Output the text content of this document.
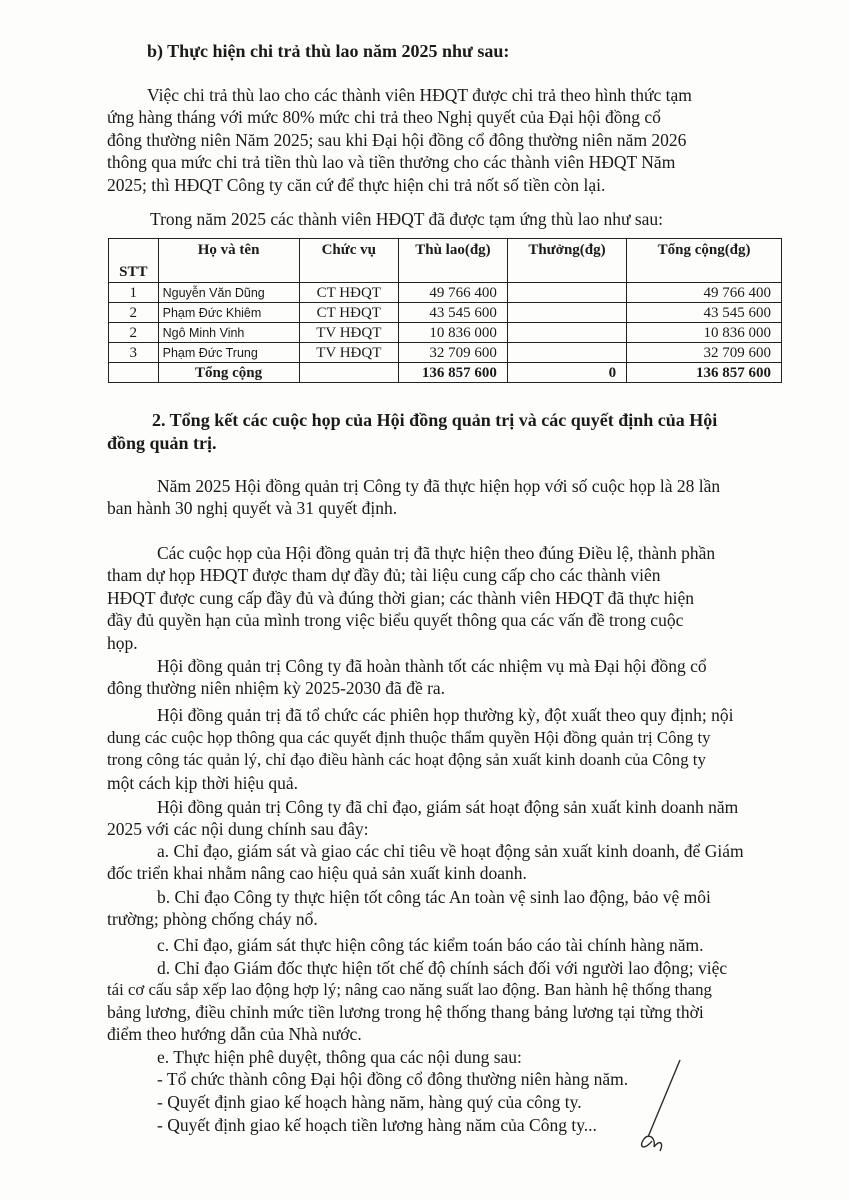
b) Thực hiện chi trả thù lao năm 2025 như sau:
Việc chi trả thù lao cho các thành viên HĐQT được chi trả theo hình thức tạm
ứng hàng tháng với mức 80% mức chi trả theo Nghị quyết của Đại hội đồng cổ
đông thường niên Năm 2025; sau khi Đại hội đồng cổ đông thường niên năm 2026
thông qua mức chi trả tiền thù lao và tiền thưởng cho các thành viên HĐQT Năm
2025; thì HĐQT Công ty căn cứ để thực hiện chi trả nốt số tiền còn lại.
Trong năm 2025 các thành viên HĐQT đã được tạm ứng thù lao như sau:
STT	Họ và tên	Chức vụ	Thù lao(đg)	Thưởng(đg)	Tổng cộng(đg)
1	Nguyễn Văn Dũng	CT HĐQT	49 766 400		49 766 400
2	Phạm Đức Khiêm	CT HĐQT	43 545 600		43 545 600
2	Ngô Minh Vinh	TV HĐQT	10 836 000		10 836 000
3	Phạm Đức Trung	TV HĐQT	32 709 600		32 709 600
	Tổng cộng		136 857 600	0	136 857 600
2. Tổng kết các cuộc họp của Hội đồng quản trị và các quyết định của Hội
đồng quản trị.
Năm 2025 Hội đồng quản trị Công ty đã thực hiện họp với số cuộc họp là 28 lần
ban hành 30 nghị quyết và 31 quyết định.
Các cuộc họp của Hội đồng quản trị đã thực hiện theo đúng Điều lệ, thành phần
tham dự họp HĐQT được tham dự đầy đủ; tài liệu cung cấp cho các thành viên
HĐQT được cung cấp đầy đủ và đúng thời gian; các thành viên HĐQT đã thực hiện
đầy đủ quyền hạn của mình trong việc biểu quyết thông qua các vấn đề trong cuộc
họp.
Hội đồng quản trị Công ty đã hoàn thành tốt các nhiệm vụ mà Đại hội đồng cổ
đông thường niên nhiệm kỳ 2025-2030 đã đề ra.
Hội đồng quản trị đã tổ chức các phiên họp thường kỳ, đột xuất theo quy định; nội
dung các cuộc họp thông qua các quyết định thuộc thẩm quyền Hội đồng quản trị Công ty
trong công tác quản lý, chỉ đạo điều hành các hoạt động sản xuất kinh doanh của Công ty
một cách kịp thời hiệu quả.
Hội đồng quản trị Công ty đã chỉ đạo, giám sát hoạt động sản xuất kinh doanh năm
2025 với các nội dung chính sau đây:
a. Chỉ đạo, giám sát và giao các chỉ tiêu về hoạt động sản xuất kinh doanh, để Giám
đốc triển khai nhằm nâng cao hiệu quả sản xuất kinh doanh.
b. Chỉ đạo Công ty thực hiện tốt công tác An toàn vệ sinh lao động, bảo vệ môi
trường; phòng chống cháy nổ.
c. Chỉ đạo, giám sát thực hiện công tác kiểm toán báo cáo tài chính hàng năm.
d. Chỉ đạo Giám đốc thực hiện tốt chế độ chính sách đối với người lao động; việc
tái cơ cấu sắp xếp lao động hợp lý; nâng cao năng suất lao động. Ban hành hệ thống thang
bảng lương, điều chỉnh mức tiền lương trong hệ thống thang bảng lương tại từng thời
điểm theo hướng dẫn của Nhà nước.
e. Thực hiện phê duyệt, thông qua các nội dung sau:
- Tổ chức thành công Đại hội đồng cổ đông thường niên hàng năm.
- Quyết định giao kế hoạch hàng năm, hàng quý của công ty.
- Quyết định giao kế hoạch tiền lương hàng năm của Công ty...
